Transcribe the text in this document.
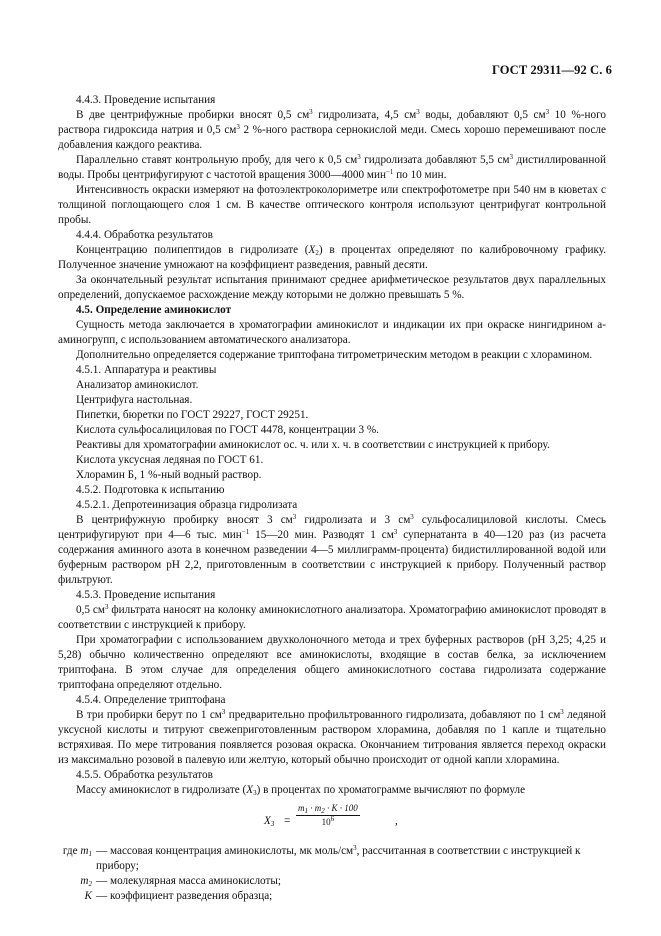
ГОСТ 29311—92 С. 6

4.4.3. Проведение испытания

В две центрифужные пробирки вносят 0,5 $см^3$ гидролизата, 4,5 $см^3$ воды, добавляют 0,5 $см^3$ 10 %-ного раствора гидроксида натрия и 0,5 $см^3$ 2 %-ного раствора сернокислой меди. Смесь хорошо перемешивают после добавления каждого реактива.

Параллельно ставят контрольную пробу, для чего к 0,5 $см^3$ гидролизата добавляют 5,5 $см^3$ дистиллированной воды. Пробы центрифугируют с частотой вращения 3000—4000 мин$^{-1}$ по 10 мин.

Интенсивность окраски измеряют на фотоэлектроколориметре или спектрофотометре при 540 нм в кюветах с толщиной поглощающего слоя 1 см. В качестве оптического контроля используют центрифугат контрольной пробы.

4.4.4. Обработка результатов

Концентрацию полипептидов в гидролизате $(X_2)$ в процентах определяют по калибровочному графику. Полученное значение умножают на коэффициент разведения, равный десяти.

За окончательный результат испытания принимают среднее арифметическое результатов двух параллельных определений, допускаемое расхождение между которыми не должно превышать 5 %.

4.5. Определение аминокислот

Сущность метода заключается в хроматографии аминокислот и индикации их при окраске нингидрином а-аминогрупп, с использованием автоматического анализатора.

Дополнительно определяется содержание триптофана титрометрическим методом в реакции с хлорамином.

4.5.1. Аппаратура и реактивы

Анализатор аминокислот.

Центрифуга настольная.

Пипетки, бюретки по ГОСТ 29227, ГОСТ 29251.

Кислота сульфосалициловая по ГОСТ 4478, концентрации 3 %.

Реактивы для хроматографии аминокислот ос. ч. или х. ч. в соответствии с инструкцией к прибору.

Кислота уксусная ледяная по ГОСТ 61.

Хлорамин Б, 1 %-ный водный раствор.

4.5.2. Подготовка к испытанию

4.5.2.1. Депротеинизация образца гидролизата

В центрифужную пробирку вносят 3 $см^3$ гидролизата и 3 $см^3$ сульфосалициловой кислоты. Смесь центрифугируют при 4—6 тыс. мин$^{-1}$ 15—20 мин. Разводят 1 $см^3$ супернатанта в 40—120 раз (из расчета содержания аминного азота в конечном разведении 4—5 миллиграмм-процента) бидистиллированной водой или буферным раствором рН 2,2, приготовленным в соответствии с инструкцией к прибору. Полученный раствор фильтруют.

4.5.3. Проведение испытания

0,5 $см^3$ фильтрата наносят на колонку аминокислотного анализатора. Хроматографию аминокислот проводят в соответствии с инструкцией к прибору.

При хроматографии с использованием двухколоночного метода и трех буферных растворов (рН 3,25; 4,25 и 5,28) обычно количественно определяют все аминокислоты, входящие в состав белка, за исключением триптофана. В этом случае для определения общего аминокислотного состава гидролизата содержание триптофана определяют отдельно.

4.5.4. Определение триптофана

В три пробирки берут по 1 $см^3$ предварительно профильтрованного гидролизата, добавляют по 1 $см^3$ ледяной уксусной кислоты и титруют свежеприготовленным раствором хлорамина, добавляя по 1 капле и тщательно встряхивая. По мере титрования появляется розовая окраска. Окончанием титрования является переход окраски из максимально розовой в палевую или желтую, который обычно происходит от одной капли хлорамина.

4.5.5. Обработка результатов

Массу аминокислот в гидролизате $(X_3)$ в процентах по хроматограмме вычисляют по формуле

$X_3 = \frac{m_1 \cdot m_2 \cdot K \cdot 100}{10^6}$	,
где $m_1$ — массовая концентрация аминокислоты, мк моль/$см^3$, рассчитанная в соответствии с инструкцией к прибору;
$m_2$ — молекулярная масса аминокислоты;
K — коэффициент разведения образца;
